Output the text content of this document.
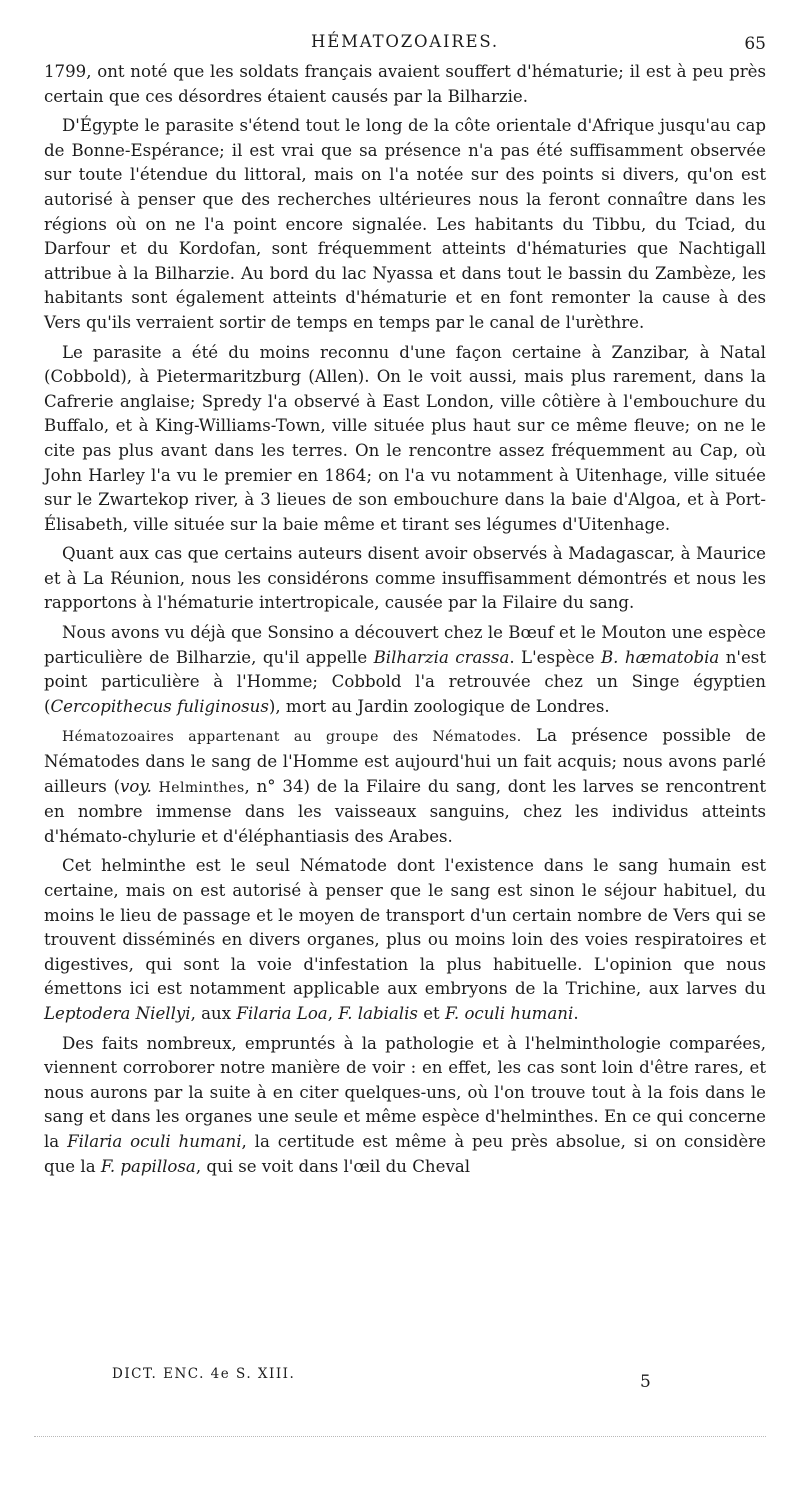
HÉMATOZOAIRES.	65

1799, ont noté que les soldats français avaient souffert d'hématurie; il est à peu près certain que ces désordres étaient causés par la Bilharzie.

D'Égypte le parasite s'étend tout le long de la côte orientale d'Afrique jusqu'au cap de Bonne-Espérance; il est vrai que sa présence n'a pas été suffisamment observée sur toute l'étendue du littoral, mais on l'a notée sur des points si divers, qu'on est autorisé à penser que des recherches ultérieures nous la feront connaître dans les régions où on ne l'a point encore signalée. Les habitants du Tibbu, du Tciad, du Darfour et du Kordofan, sont fréquemment atteints d'hématuries que Nachtigall attribue à la Bilharzie. Au bord du lac Nyassa et dans tout le bassin du Zambèze, les habitants sont également atteints d'hématurie et en font remonter la cause à des Vers qu'ils verraient sortir de temps en temps par le canal de l'urèthre.

Le parasite a été du moins reconnu d'une façon certaine à Zanzibar, à Natal (Cobbold), à Pietermaritzburg (Allen). On le voit aussi, mais plus rarement, dans la Cafrerie anglaise; Spredy l'a observé à East London, ville côtière à l'embouchure du Buffalo, et à King-Williams-Town, ville située plus haut sur ce même fleuve; on ne le cite pas plus avant dans les terres. On le rencontre assez fréquemment au Cap, où John Harley l'a vu le premier en 1864; on l'a vu notamment à Uitenhage, ville située sur le Zwartekop river, à 3 lieues de son embouchure dans la baie d'Algoa, et à Port-Élisabeth, ville située sur la baie même et tirant ses légumes d'Uitenhage.

Quant aux cas que certains auteurs disent avoir observés à Madagascar, à Maurice et à La Réunion, nous les considérons comme insuffisamment démontrés et nous les rapportons à l'hématurie intertropicale, causée par la Filaire du sang.

Nous avons vu déjà que Sonsino a découvert chez le Bœuf et le Mouton une espèce particulière de Bilharzie, qu'il appelle Bilharzia crassa. L'espèce B. hæmatobia n'est point particulière à l'Homme; Cobbold l'a retrouvée chez un Singe égyptien (Cercopithecus fuliginosus), mort au Jardin zoologique de Londres.

Hématozoaires appartenant au groupe des Nématodes. La présence possible de Nématodes dans le sang de l'Homme est aujourd'hui un fait acquis; nous avons parlé ailleurs (voy. Helminthes, n° 34) de la Filaire du sang, dont les larves se rencontrent en nombre immense dans les vaisseaux sanguins, chez les individus atteints d'hémato-chylurie et d'éléphantiasis des Arabes.

Cet helminthe est le seul Nématode dont l'existence dans le sang humain est certaine, mais on est autorisé à penser que le sang est sinon le séjour habituel, du moins le lieu de passage et le moyen de transport d'un certain nombre de Vers qui se trouvent disséminés en divers organes, plus ou moins loin des voies respiratoires et digestives, qui sont la voie d'infestation la plus habituelle. L'opinion que nous émettons ici est notamment applicable aux embryons de la Trichine, aux larves du Leptodera Niellyi, aux Filaria Loa, F. labialis et F. oculi humani.

Des faits nombreux, empruntés à la pathologie et à l'helminthologie comparées, viennent corroborer notre manière de voir : en effet, les cas sont loin d'être rares, et nous aurons par la suite à en citer quelques-uns, où l'on trouve tout à la fois dans le sang et dans les organes une seule et même espèce d'helminthes. En ce qui concerne la Filaria oculi humani, la certitude est même à peu près absolue, si on considère que la F. papillosa, qui se voit dans l'œil du Cheval

DICT. ENC. 4e S. XIII.	5
